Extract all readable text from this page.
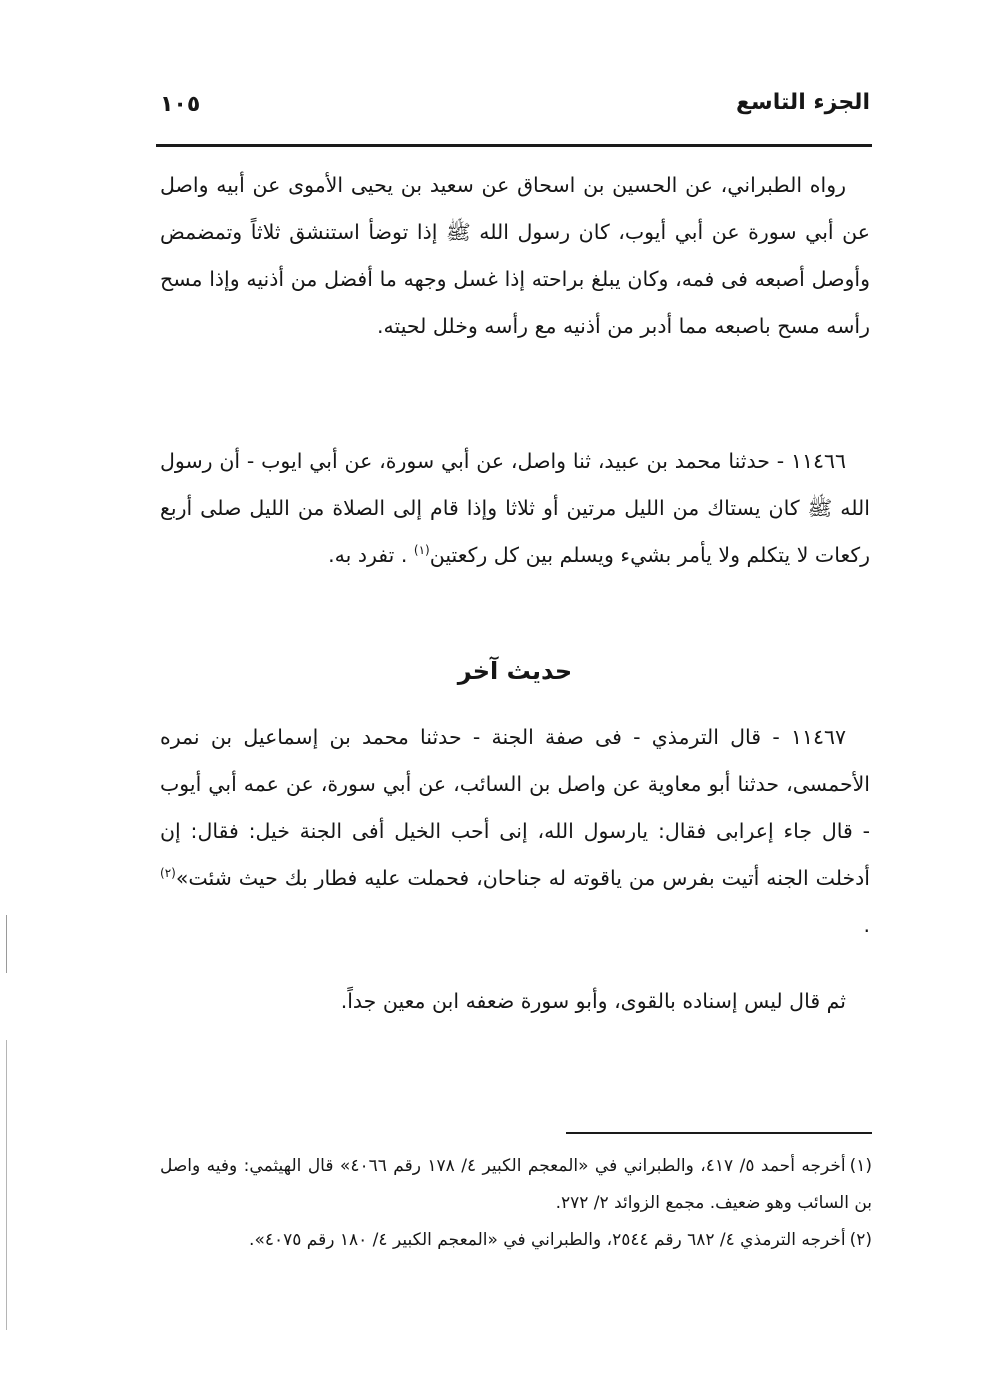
الجزء التاسع
١٠٥

رواه الطبراني، عن الحسين بن اسحاق عن سعيد بن يحيى الأموى عن أبيه واصل عن أبي سورة عن أبي أيوب، كان رسول الله ﷺ إذا توضأ استنشق ثلاثاً وتمضمض وأوصل أصبعه فى فمه، وكان يبلغ براحته إذا غسل وجهه ما أفضل من أذنيه وإذا مسح رأسه مسح باصبعه مما أدبر من أذنيه مع رأسه وخلل لحيته.

١١٤٦٦ - حدثنا محمد بن عبيد، ثنا واصل، عن أبي سورة، عن أبي ايوب - أن رسول الله ﷺ كان يستاك من الليل مرتين أو ثلاثا وإذا قام إلى الصلاة من الليل صلى أربع ركعات لا يتكلم ولا يأمر بشيء ويسلم بين كل ركعتين$^{(١)}$ . تفرد به.

حديث آخر

١١٤٦٧ - قال الترمذي - فى صفة الجنة - حدثنا محمد بن إسماعيل بن نمره الأحمسى، حدثنا أبو معاوية عن واصل بن السائب، عن أبي سورة، عن عمه أبي أيوب - قال جاء إعرابى فقال: يارسول الله، إنى أحب الخيل أفى الجنة خيل: فقال: إن أدخلت الجنه أتيت بفرس من ياقوته له جناحان، فحملت عليه فطار بك حيث شئت»$^{(٢)}$ .

ثم قال ليس إسناده بالقوى، وأبو سورة ضعفه ابن معين جداً.

(١)أخرجه أحمد ٥/ ٤١٧، والطبراني في «المعجم الكبير ٤/ ١٧٨ رقم ٤٠٦٦» قال الهيثمي: وفيه واصل بن السائب وهو ضعيف. مجمع الزوائد ٢/ ٢٧٢.

(٢)أخرجه الترمذي ٤/ ٦٨٢ رقم ٢٥٤٤، والطبراني في «المعجم الكبير ٤/ ١٨٠ رقم ٤٠٧٥».
